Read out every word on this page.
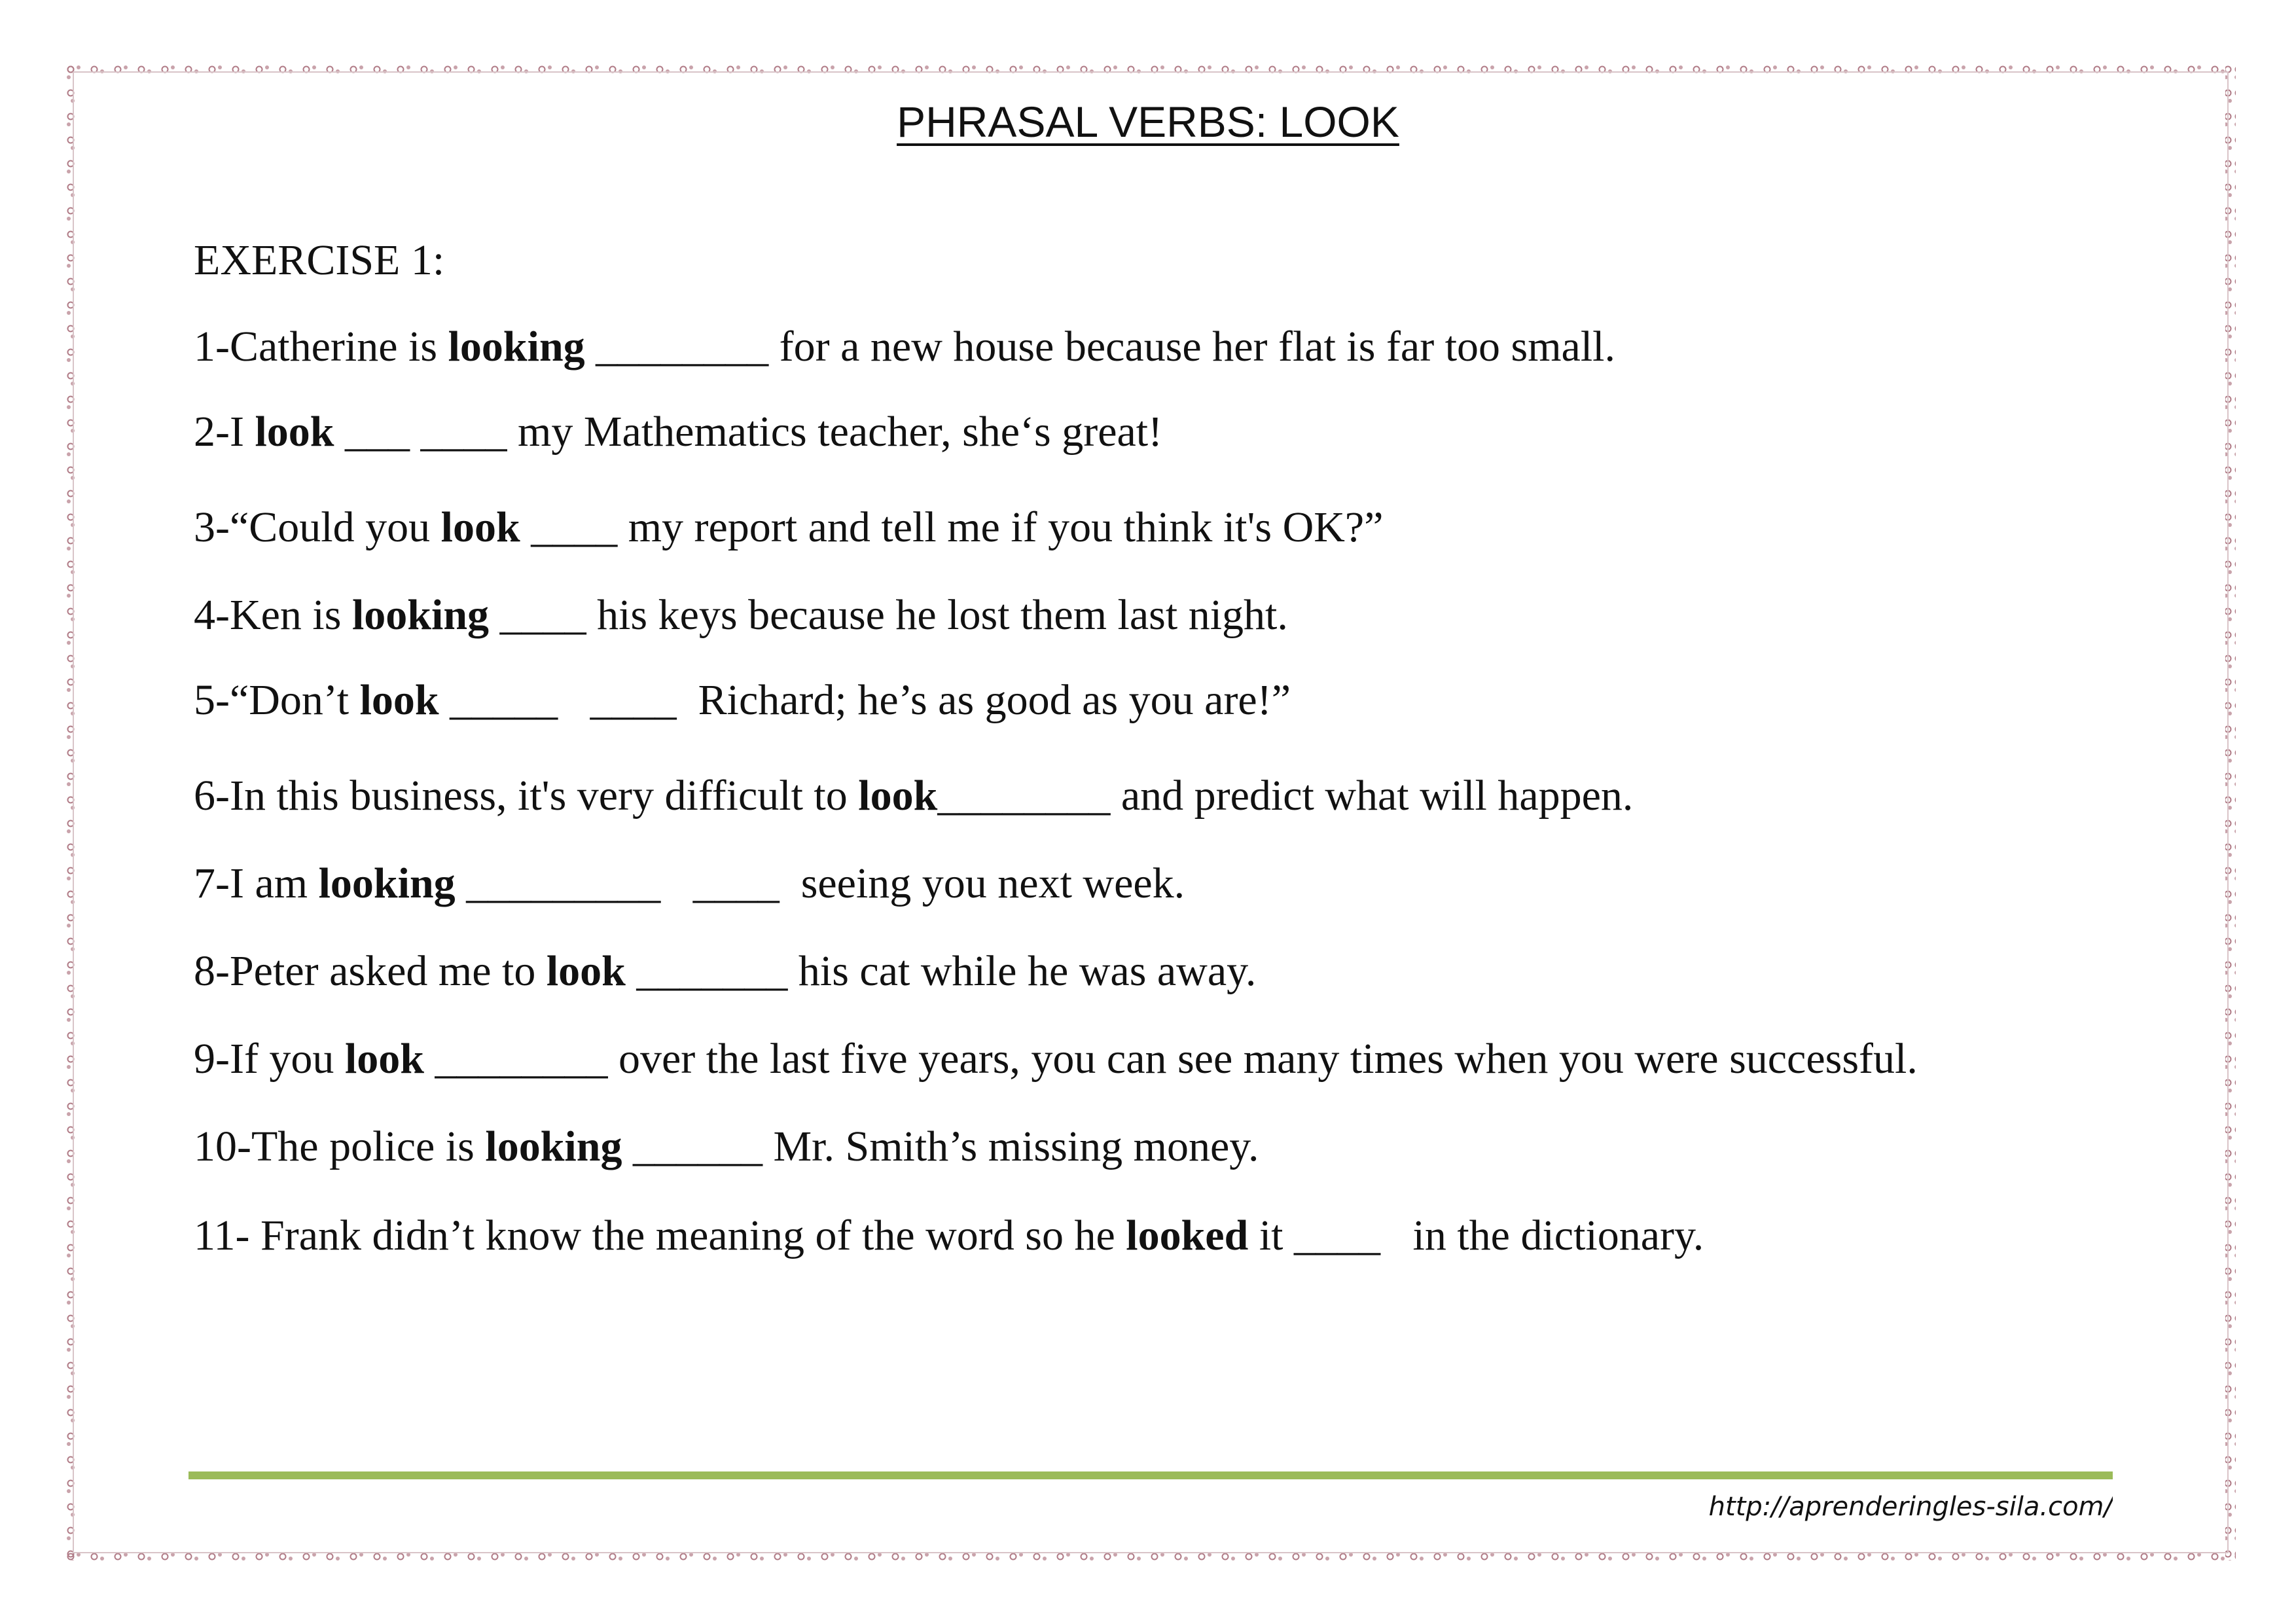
PHRASAL VERBS: LOOK
EXERCISE 1:
1-Catherine is looking ________ for a new house because her flat is far too small.
2-I look ___ ____ my Mathematics teacher, she‘s great!
3-“Could you look ____ my report and tell me if you think it's OK?”
4-Ken is looking ____ his keys because he lost them last night.
5-“Don’t look _____   ____  Richard; he’s as good as you are!”
6-In this business, it's very difficult to look________ and predict what will happen.
7-I am looking _________   ____  seeing you next week.
8-Peter asked me to look _______ his cat while he was away.
9-If you look ________ over the last five years, you can see many times when you were successful.
10-The police is looking ______ Mr. Smith’s missing money.
11- Frank didn’t know the meaning of the word so he looked it ____   in the dictionary.
http://aprenderingles-sila.com/
